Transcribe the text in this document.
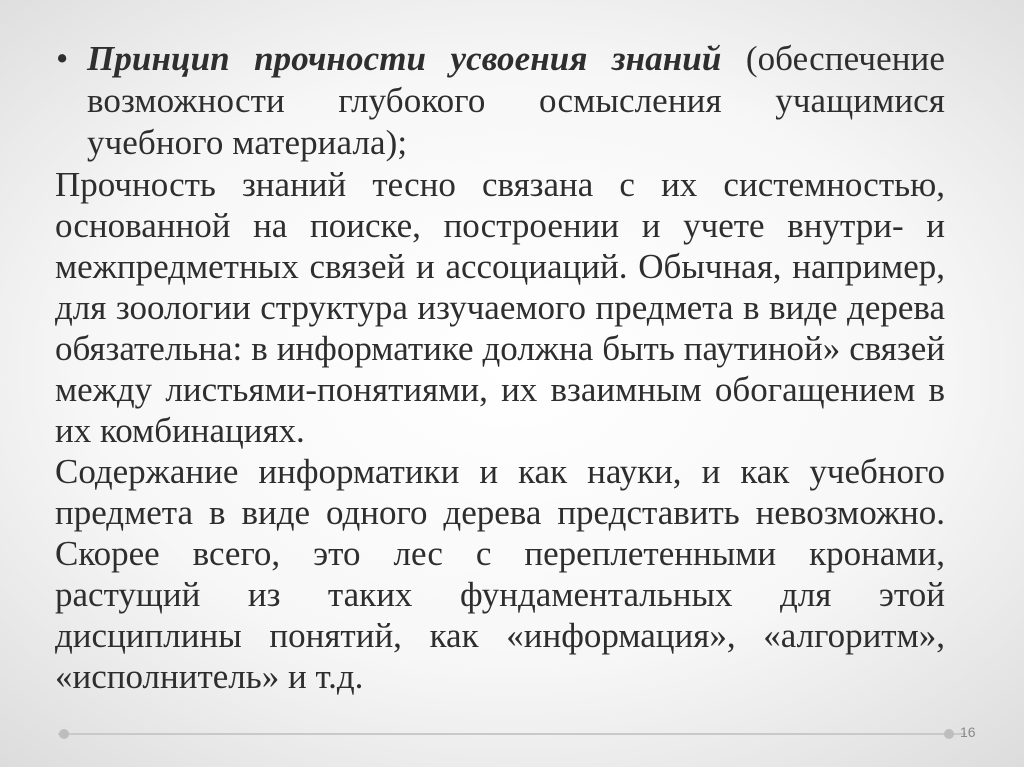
• Принцип прочности усвоения знаний (обеспечение возможности глубокого осмысления учащимися учебного материала);

Прочность знаний тесно связана с их системностью, основанной на поиске, построении и учете внутри- и межпредметных связей и ассоциаций. Обычная, например, для зоологии структура изучаемого предмета в виде дерева обязательна: в информатике должна быть паутиной» связей между листьями-понятиями, их взаимным обогащением в их комбинациях.

Содержание информатики и как науки, и как учебного предмета в виде одного дерева представить невозможно. Скорее всего, это лес с переплетенными кронами, растущий из таких фундаментальных для этой дисциплины понятий, как «информация», «алгоритм», «исполнитель» и т.д.

16
